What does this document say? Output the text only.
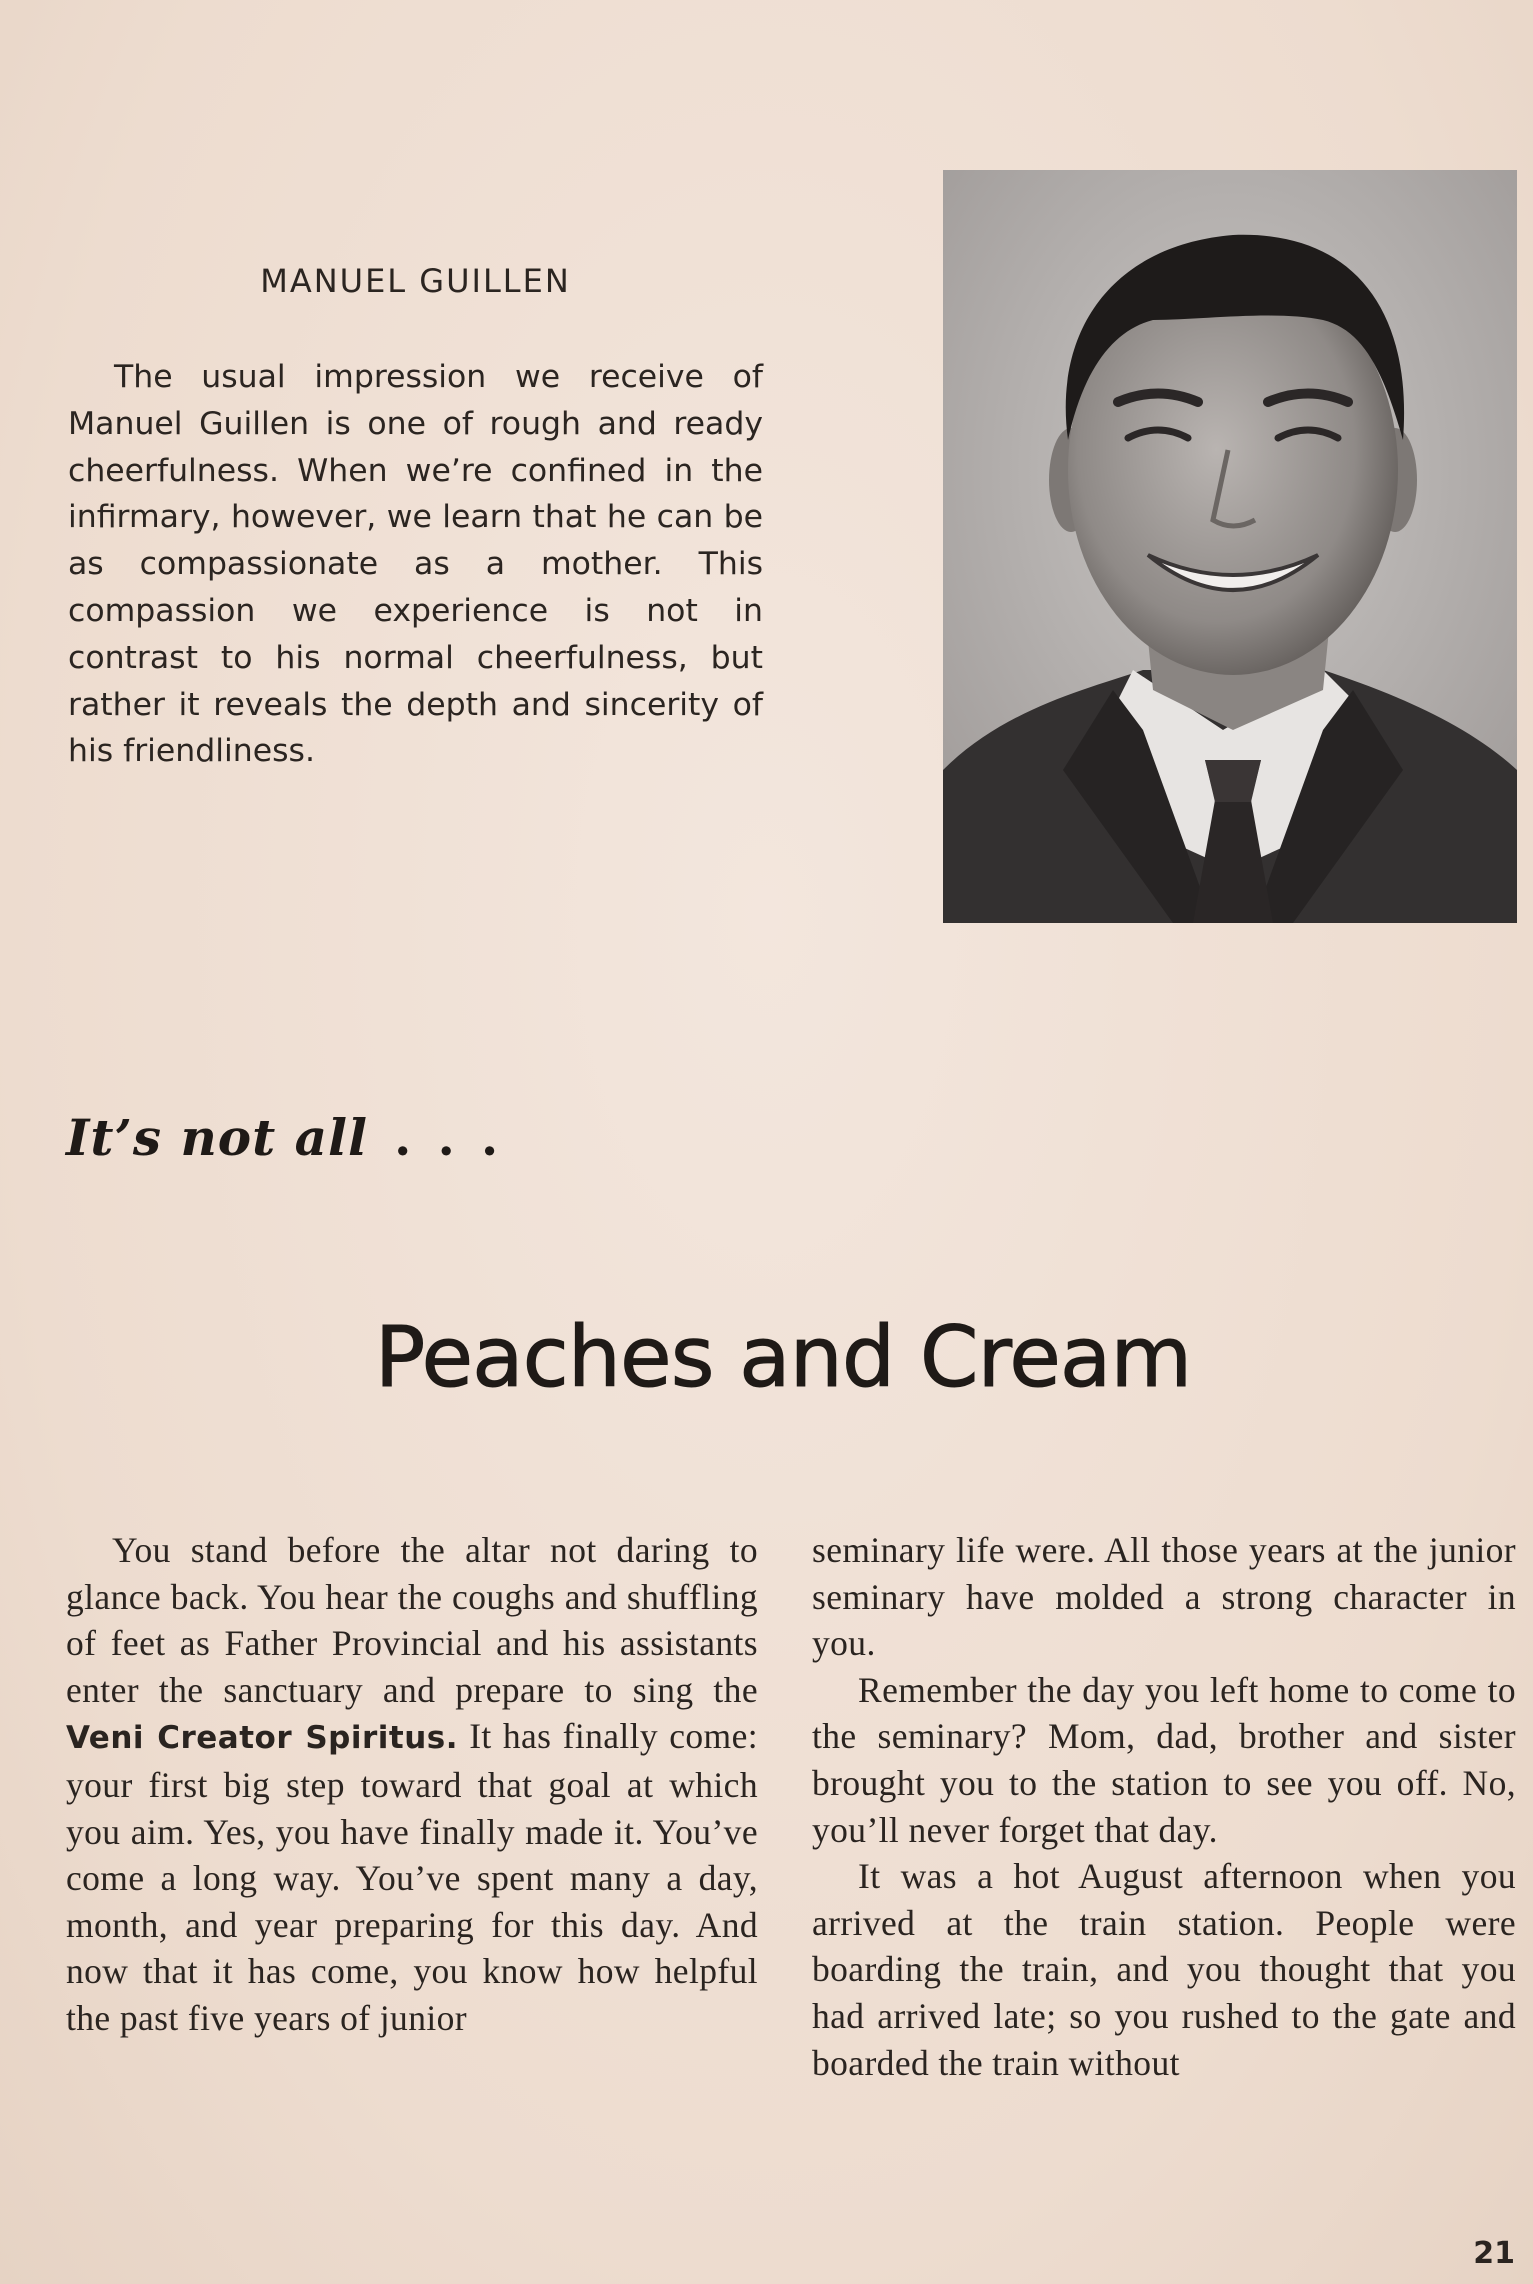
MANUEL GUILLEN

The usual impression we receive of Manuel Guillen is one of rough and ready cheerfulness. When we’re confined in the infirmary, however, we learn that he can be as compassionate as a mother. This compassion we experience is not in contrast to his normal cheerfulness, but rather it reveals the depth and sincerity of his friendliness.

It’s not all ...

Peaches and Cream

You stand before the altar not daring to glance back. You hear the coughs and shuffling of feet as Father Provincial and his assistants enter the sanctuary and prepare to sing the Veni Creator Spiritus. It has finally come: your first big step toward that goal at which you aim. Yes, you have finally made it. You’ve come a long way. You’ve spent many a day, month, and year preparing for this day. And now that it has come, you know how helpful the past five years of junior

seminary life were. All those years at the junior seminary have molded a strong character in you.

Remember the day you left home to come to the seminary? Mom, dad, brother and sister brought you to the station to see you off. No, you’ll never forget that day.

It was a hot August afternoon when you arrived at the train station. People were boarding the train, and you thought that you had arrived late; so you rushed to the gate and boarded the train without

21
